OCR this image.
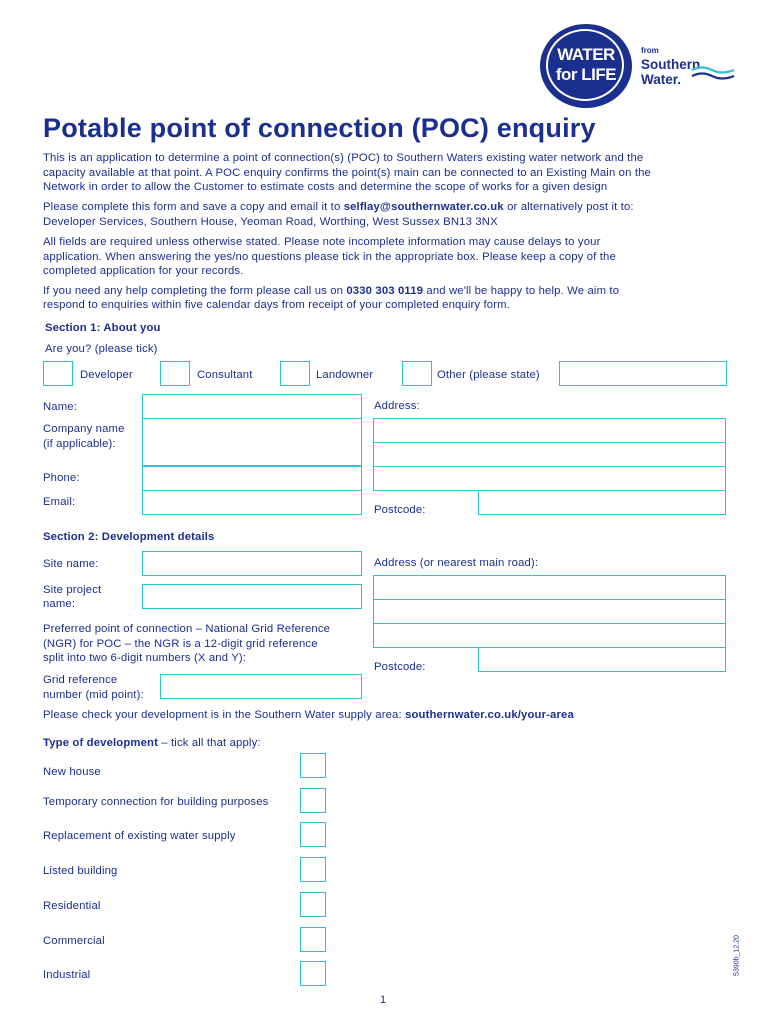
WATER
for LIFE
from
Southern
Water.
Potable point of connection (POC) enquiry
This is an application to determine a point of connection(s) (POC) to Southern Waters existing water network and the
capacity available at that point. A POC enquiry confirms the point(s) main can be connected to an Existing Main on the
Network in order to allow the Customer to estimate costs and determine the scope of works for a given design
Please complete this form and save a copy and email it to selflay@southernwater.co.uk or alternatively post it to:
Developer Services, Southern House, Yeoman Road, Worthing, West Sussex BN13 3NX
All fields are required unless otherwise stated. Please note incomplete information may cause delays to your
application. When answering the yes/no questions please tick in the appropriate box. Please keep a copy of the
completed application for your records.
If you need any help completing the form please call us on 0330 303 0119 and we'll be happy to help. We aim to
respond to enquiries within five calendar days from receipt of your completed enquiry form.
Section 1: About you
Are you? (please tick)
Developer	Consultant	Landowner	Other (please state)
Name:	Address:
Company name
(if applicable):
Phone:
Email:
Postcode:
Section 2: Development details
Site name:	Address (or nearest main road):
Site project
name:
Preferred point of connection – National Grid Reference
(NGR) for POC – the NGR is a 12-digit grid reference
split into two 6-digit numbers (X and Y):
Postcode:
Grid reference
number (mid point):
Please check your development is in the Southern Water supply area: southernwater.co.uk/your-area
Type of development – tick all that apply:
New house
Temporary connection for building purposes
Replacement of existing water supply
Listed building
Residential
Commercial
Industrial
1
5390b_12.20
